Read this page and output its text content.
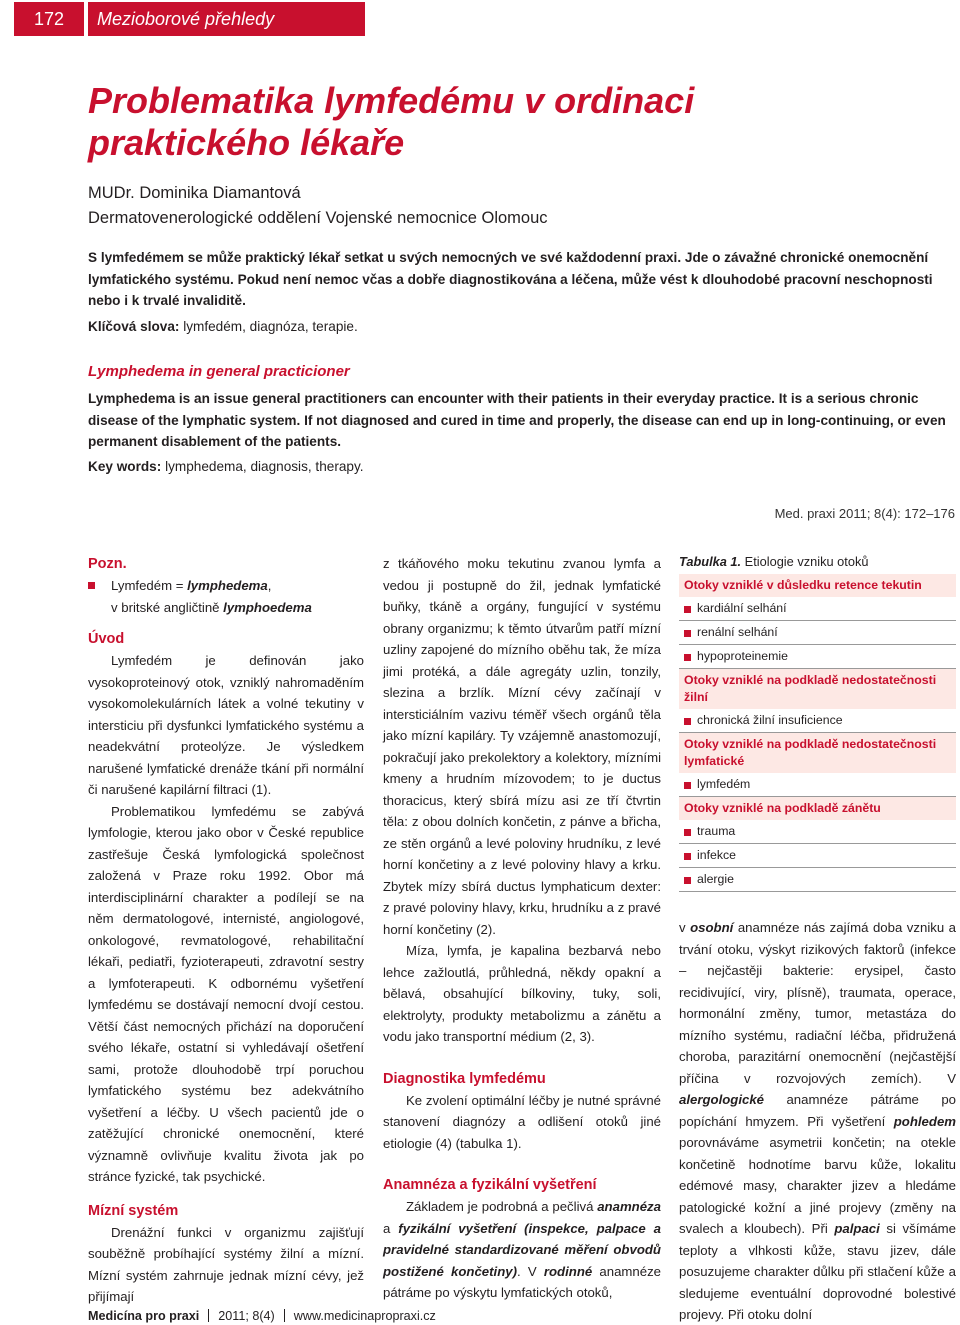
172	Mezioborové přehledy
Problematika lymfedému v ordinaci praktického lékaře
MUDr. Dominika Diamantová
Dermatovenerologické oddělení Vojenské nemocnice Olomouc

S lymfedémem se může praktický lékař setkat u svých nemocných ve své každodenní praxi. Jde o závažné chronické onemocnění lymfatického systému. Pokud není nemoc včas a dobře diagnostikována a léčena, může vést k dlouhodobé pracovní neschopnosti nebo i k trvalé invaliditě.

Klíčová slova: lymfedém, diagnóza, terapie.

Lymphedema in general practicioner

Lymphedema is an issue general practitioners can encounter with their patients in their everyday practice. It is a serious chronic disease of the lymphatic system. If not diagnosed and cured in time and properly, the disease can end up in long-continuing, or even permanent disablement of the patients.

Key words: lymphedema, diagnosis, therapy.

Med. praxi 2011; 8(4): 172–176
Pozn.
Lymfedém = lymphedema,
v britské angličtině lymphoedema
Úvod

Lymfedém je definován jako vysokoproteinový otok, vzniklý nahromaděním vysokomolekulárních látek a volné tekutiny v intersticiu při dysfunkci lymfatického systému a neadekvátní proteolýze. Je výsledkem narušené lymfatické drenáže tkání při normální či narušené kapilární filtraci (1).

Problematikou lymfedému se zabývá lymfologie, kterou jako obor v České republice zastřešuje Česká lymfologická společnost založená v Praze roku 1992. Obor má interdisciplinární charakter a podílejí se na něm dermatologové, internisté, angiologové, onkologové, revmatologové, rehabilitační lékaři, pediatři, fyzioterapeuti, zdravotní sestry a lymfoterapeuti. K odbornému vyšetření lymfedému se dostávají nemocní dvojí cestou. Větší část nemocných přichází na doporučení svého lékaře, ostatní si vyhledávají ošetření sami, protože dlouhodobě trpí poruchou lymfatického systému bez adekvátního vyšetření a léčby. U všech pacientů jde o zatěžující chronické onemocnění, které významně ovlivňuje kvalitu života jak po stránce fyzické, tak psychické.

Mízní systém

Drenážní funkci v organizmu zajišťují souběžně probíhající systémy žilní a mízní. Mízní systém zahrnuje jednak mízní cévy, jež přijímají

z tkáňového moku tekutinu zvanou lymfa a vedou ji postupně do žil, jednak lymfatické buňky, tkáně a orgány, fungující v systému obrany organizmu; k těmto útvarům patří mízní uzliny zapojené do mízního oběhu tak, že míza jimi protéká, a dále agregáty uzlin, tonzily, slezina a brzlík. Mízní cévy začínají v intersticiálním vazivu téměř všech orgánů těla jako mízní kapiláry. Ty vzájemně anastomozují, pokračují jako prekolektory a kolektory, mízními kmeny a hrudním mízovodem; to je ductus thoracicus, který sbírá mízu asi ze tří čtvrtin těla: z obou dolních končetin, z pánve a břicha, ze stěn orgánů a levé poloviny hrudníku, z levé horní končetiny a z levé poloviny hlavy a krku. Zbytek mízy sbírá ductus lymphaticum dexter: z pravé poloviny hlavy, krku, hrudníku a z pravé horní končetiny (2).

Míza, lymfa, je kapalina bezbarvá nebo lehce zažloutlá, průhledná, někdy opakní a bělavá, obsahující bílkoviny, tuky, soli, elektrolyty, produkty metabolizmu a zánětu a vodu jako transportní médium (2, 3).

Diagnostika lymfedému

Ke zvolení optimální léčby je nutné správné stanovení diagnózy a odlišení otoků jiné etiologie (4) (tabulka 1).

Anamnéza a fyzikální vyšetření

Základem je podrobná a pečlivá anamnéza a fyzikální vyšetření (inspekce, palpace a pravidelné standardizované měření obvodů postižené končetiny). V rodinné anamnéze pátráme po výskytu lymfatických otoků,

Tabulka 1. Etiologie vzniku otoků
Otoky vzniklé v důsledku retence tekutin

kardiální selhání

renální selhání

hypoproteinemie
Otoky vzniklé na podkladě nedostatečnosti žilní

chronická žilní insuficience
Otoky vzniklé na podkladě nedostatečnosti lymfatické

lymfedém
Otoky vzniklé na podkladě zánětu

trauma

infekce

alergie

v osobní anamnéze nás zajímá doba vzniku a trvání otoku, výskyt rizikových faktorů (infekce – nejčastěji bakterie: erysipel, často recidivující, viry, plísně), traumata, operace, hormonální změny, tumor, metastáza do mízního systému, radiační léčba, přidružená choroba, parazitární onemocnění (nejčastější příčina v rozvojových zemích). V alergologické anamnéze pátráme po popíchání hmyzem. Při vyšetření pohledem porovnáváme asymetrii končetin; na otekle končetině hodnotíme barvu kůže, lokalitu edémové masy, charakter jizev a hledáme patologické kožní a jiné projevy (změny na svalech a kloubech). Při palpaci si všímáme teploty a vlhkosti kůže, stavu jizev, dále posuzujeme charakter důlku při stlačení kůže a sledujeme eventuální doprovodné bolestivé projevy. Při otoku dolní

Medicína pro praxi 2011; 8(4) www.medicinapropraxi.cz
